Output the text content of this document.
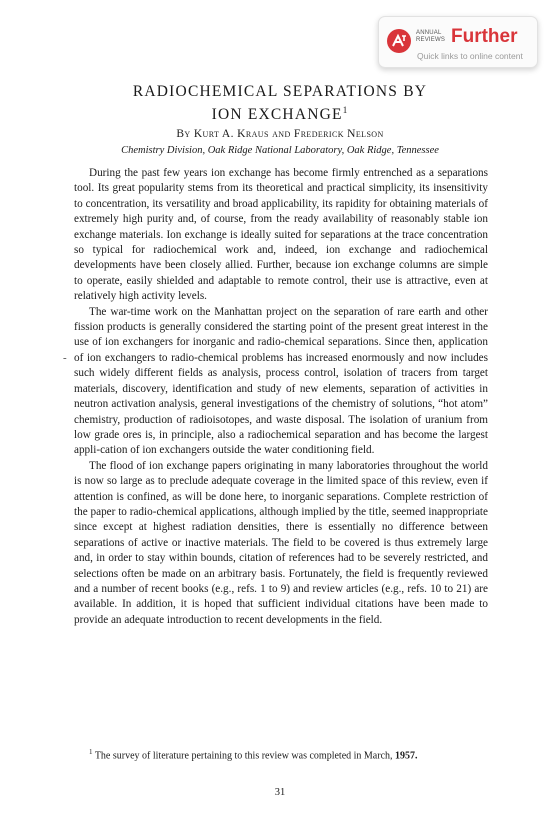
ANNUAL REVIEWS Further
Quick links to online content
RADIOCHEMICAL SEPARATIONS BY
ION EXCHANGE$^1$
By Kurt A. Kraus and Frederick Nelson
Chemistry Division, Oak Ridge National Laboratory, Oak Ridge, Tennessee
-

During the past few years ion exchange has become firmly entrenched as a separations tool. Its great popularity stems from its theoretical and practical simplicity, its insensitivity to concentration, its versatility and broad applicability, its rapidity for obtaining materials of extremely high purity and, of course, from the ready availability of reasonably stable ion exchange materials. Ion exchange is ideally suited for separations at the trace concentration so typical for radiochemical work and, indeed, ion exchange and radiochemical developments have been closely allied. Further, because ion exchange columns are simple to operate, easily shielded and adaptable to remote control, their use is attractive, even at relatively high activity levels.

The war-time work on the Manhattan project on the separation of rare earth and other fission products is generally considered the starting point of the present great interest in the use of ion exchangers for inorganic and radio-chemical separations. Since then, application of ion exchangers to radio-chemical problems has increased enormously and now includes such widely different fields as analysis, process control, isolation of tracers from target materials, discovery, identification and study of new elements, separation of activities in neutron activation analysis, general investigations of the chemistry of solutions, “hot atom” chemistry, production of radioisotopes, and waste disposal. The isolation of uranium from low grade ores is, in principle, also a radiochemical separation and has become the largest appli-cation of ion exchangers outside the water conditioning field.

The flood of ion exchange papers originating in many laboratories throughout the world is now so large as to preclude adequate coverage in the limited space of this review, even if attention is confined, as will be done here, to inorganic separations. Complete restriction of the paper to radio-chemical applications, although implied by the title, seemed inappropriate since except at highest radiation densities, there is essentially no difference between separations of active or inactive materials. The field to be covered is thus extremely large and, in order to stay within bounds, citation of references had to be severely restricted, and selections often be made on an arbitrary basis. Fortunately, the field is frequently reviewed and a number of recent books (e.g., refs. 1 to 9) and review articles (e.g., refs. 10 to 21) are available. In addition, it is hoped that sufficient individual citations have been made to provide an adequate introduction to recent developments in the field.

$^1$ The survey of literature pertaining to this review was completed in March, 1957.
31
